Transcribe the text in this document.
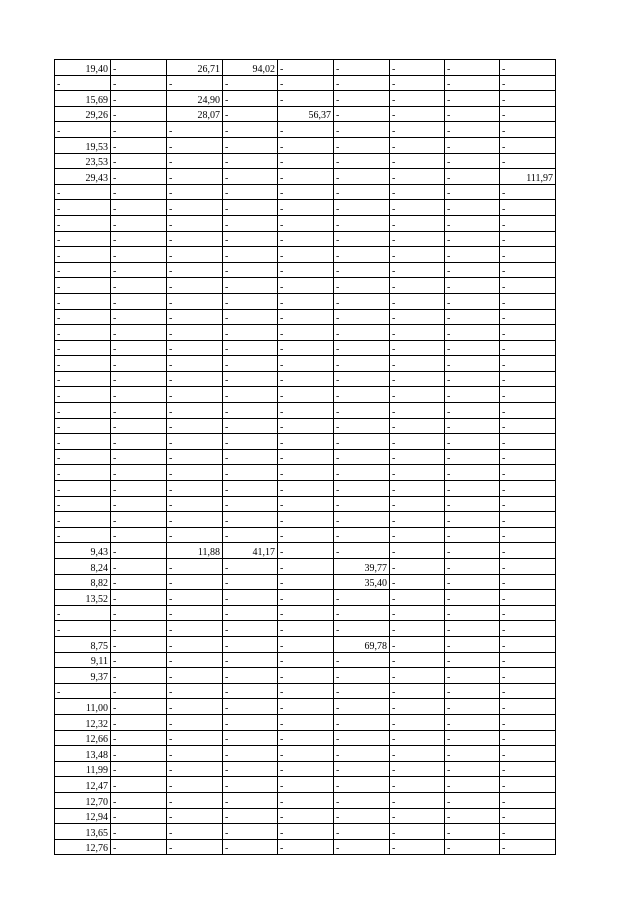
19,40	-	26,71	94,02	-	-	-	-	-
-	-	-	-	-	-	-	-	-
15,69	-	24,90	-	-	-	-	-	-
29,26	-	28,07	-	56,37	-	-	-	-
-	-	-	-	-	-	-	-	-
19,53	-	-	-	-	-	-	-	-
23,53	-	-	-	-	-	-	-	-
29,43	-	-	-	-	-	-	-	111,97
-	-	-	-	-	-	-	-	-
-	-	-	-	-	-	-	-	-
-	-	-	-	-	-	-	-	-
-	-	-	-	-	-	-	-	-
-	-	-	-	-	-	-	-	-
-	-	-	-	-	-	-	-	-
-	-	-	-	-	-	-	-	-
-	-	-	-	-	-	-	-	-
-	-	-	-	-	-	-	-	-
-	-	-	-	-	-	-	-	-
-	-	-	-	-	-	-	-	-
-	-	-	-	-	-	-	-	-
-	-	-	-	-	-	-	-	-
-	-	-	-	-	-	-	-	-
-	-	-	-	-	-	-	-	-
-	-	-	-	-	-	-	-	-
-	-	-	-	-	-	-	-	-
-	-	-	-	-	-	-	-	-
-	-	-	-	-	-	-	-	-
-	-	-	-	-	-	-	-	-
-	-	-	-	-	-	-	-	-
-	-	-	-	-	-	-	-	-
-	-	-	-	-	-	-	-	-
9,43	-	11,88	41,17	-	-	-	-	-
8,24	-	-	-	-	39,77	-	-	-
8,82	-	-	-	-	35,40	-	-	-
13,52	-	-	-	-	-	-	-	-
-	-	-	-	-	-	-	-	-
-	-	-	-	-	-	-	-	-
8,75	-	-	-	-	69,78	-	-	-
9,11	-	-	-	-	-	-	-	-
9,37	-	-	-	-	-	-	-	-
-	-	-	-	-	-	-	-	-
11,00	-	-	-	-	-	-	-	-
12,32	-	-	-	-	-	-	-	-
12,66	-	-	-	-	-	-	-	-
13,48	-	-	-	-	-	-	-	-
11,99	-	-	-	-	-	-	-	-
12,47	-	-	-	-	-	-	-	-
12,70	-	-	-	-	-	-	-	-
12,94	-	-	-	-	-	-	-	-
13,65	-	-	-	-	-	-	-	-
12,76	-	-	-	-	-	-	-	-
